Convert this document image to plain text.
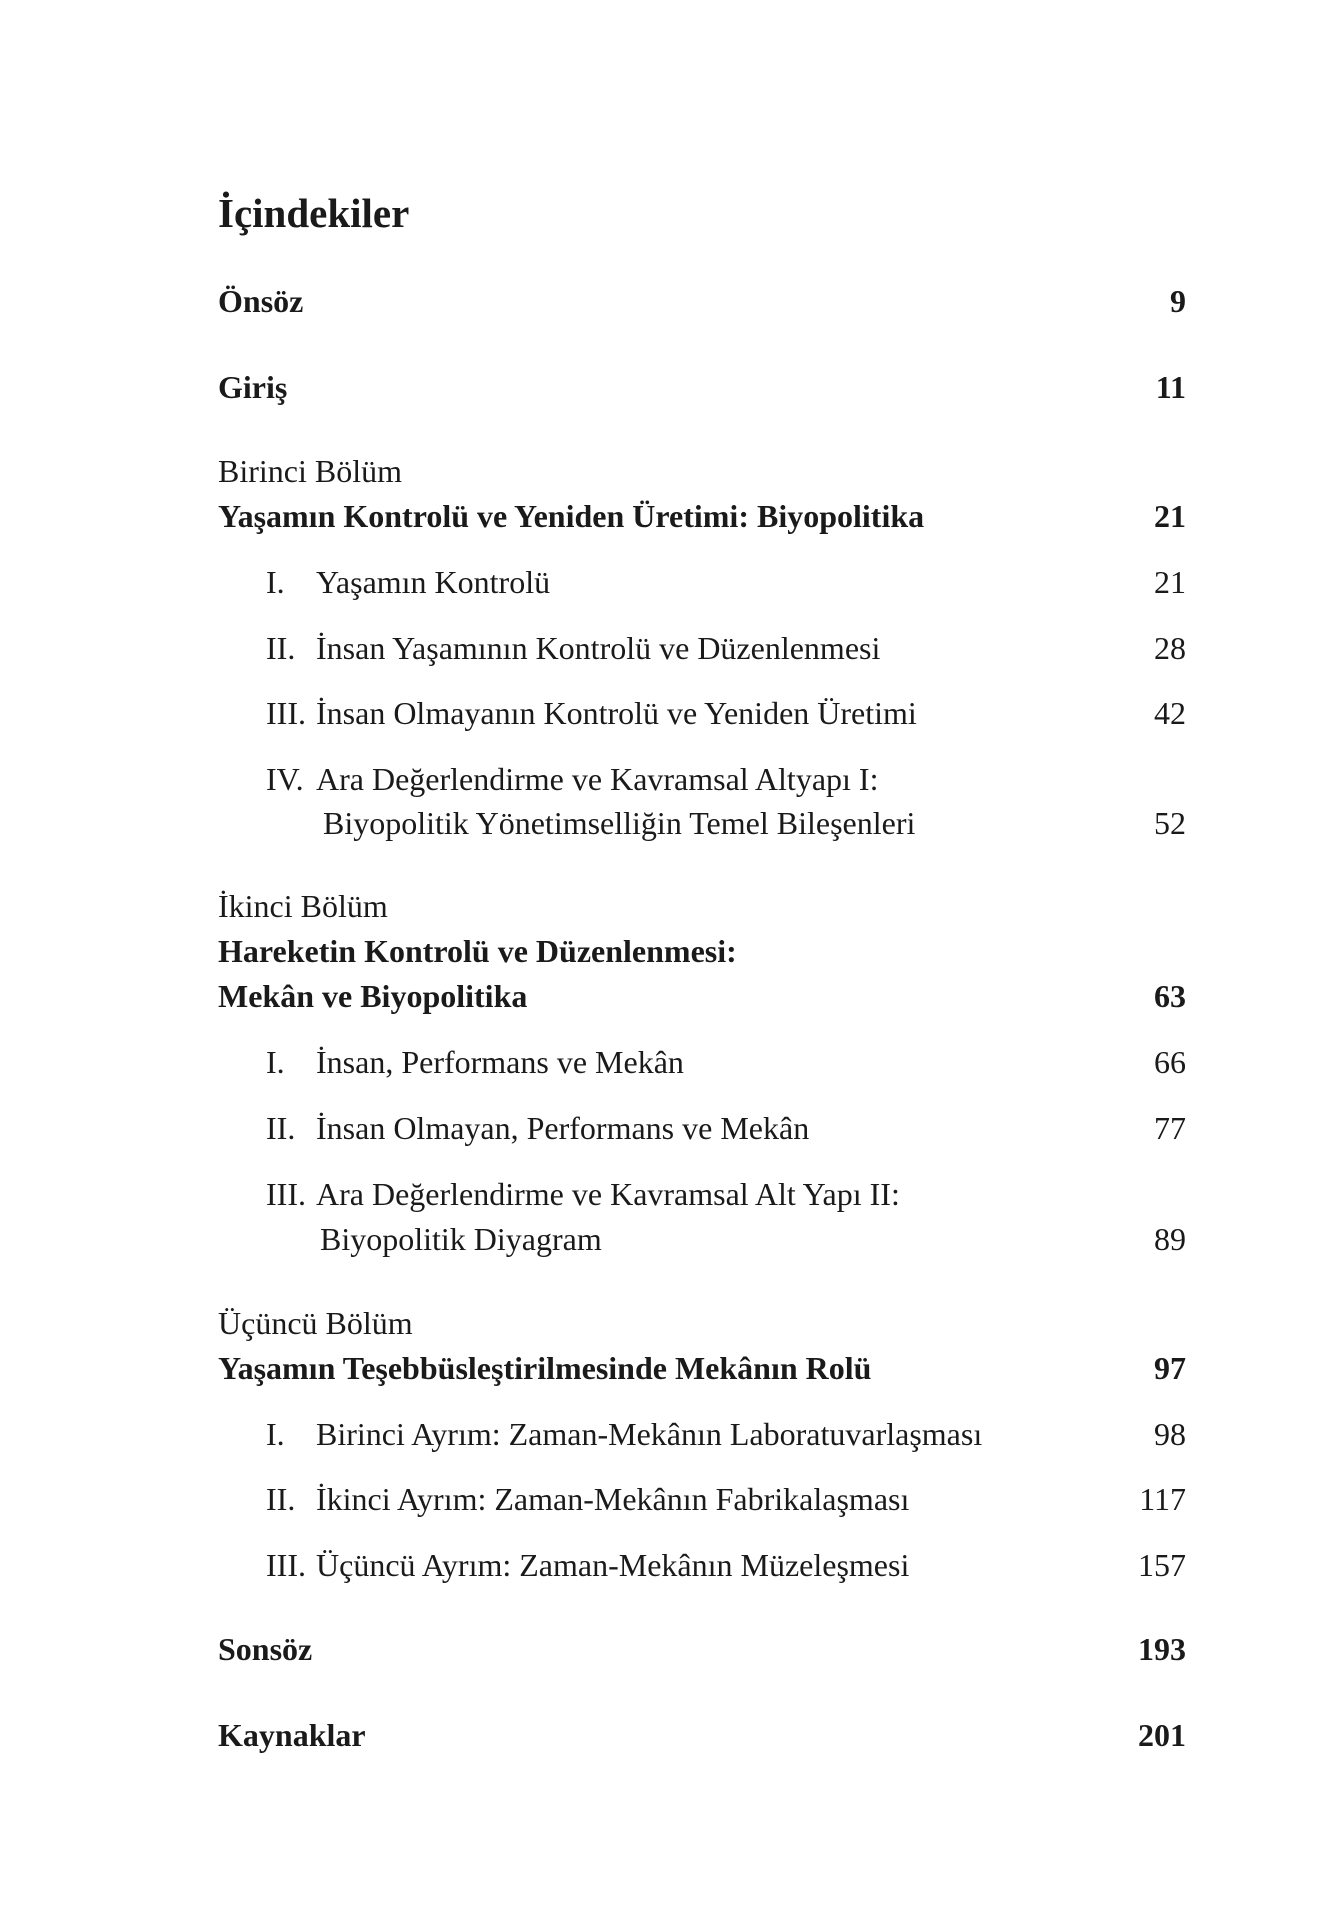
İçindekiler
Önsöz	9
Giriş	11
Birinci Bölüm
Yaşamın Kontrolü ve Yeniden Üretimi: Biyopolitika	21
I. Yaşamın Kontrolü	21
II. İnsan Yaşamının Kontrolü ve Düzenlenmesi	28
III. İnsan Olmayanın Kontrolü ve Yeniden Üretimi	42
IV. Ara Değerlendirme ve Kavramsal Altyapı I:
Biyopolitik Yönetimselliğin Temel Bileşenleri	52
İkinci Bölüm
Hareketin Kontrolü ve Düzenlenmesi:
Mekân ve Biyopolitika	63
I. İnsan, Performans ve Mekân	66
II. İnsan Olmayan, Performans ve Mekân	77
III. Ara Değerlendirme ve Kavramsal Alt Yapı II:
Biyopolitik Diyagram	89
Üçüncü Bölüm
Yaşamın Teşebbüsleştirilmesinde Mekânın Rolü	97
I. Birinci Ayrım: Zaman-Mekânın Laboratuvarlaşması	98
II. İkinci Ayrım: Zaman-Mekânın Fabrikalaşması	117
III. Üçüncü Ayrım: Zaman-Mekânın Müzeleşmesi	157
Sonsöz	193
Kaynaklar	201
